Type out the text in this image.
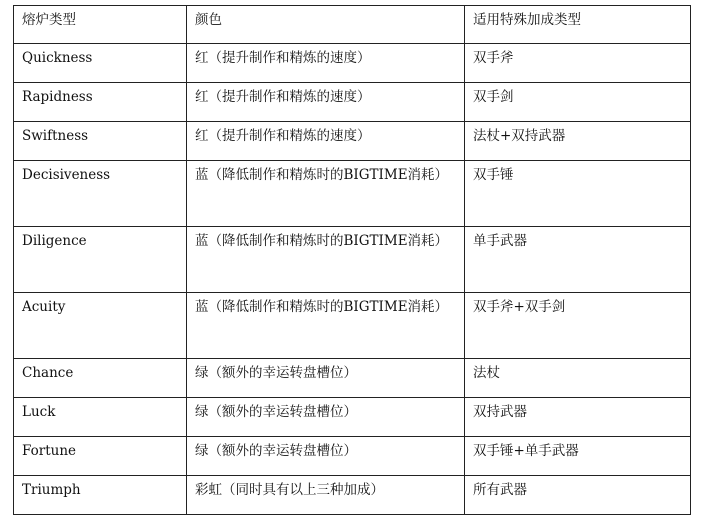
熔炉类型	颜色	适用特殊加成类型

Quickness	红（提升制作和精炼的速度）	双手斧

Rapidness	红（提升制作和精炼的速度）	双手剑

Swiftness	红（提升制作和精炼的速度）	法杖+双持武器

Decisiveness	蓝（降低制作和精炼时的BIGTIME消耗）	双手锤

Diligence	蓝（降低制作和精炼时的BIGTIME消耗）	单手武器

Acuity	蓝（降低制作和精炼时的BIGTIME消耗）	双手斧+双手剑

Chance	绿（额外的幸运转盘槽位）	法杖

Luck	绿（额外的幸运转盘槽位）	双持武器

Fortune	绿（额外的幸运转盘槽位）	双手锤+单手武器

Triumph	彩虹（同时具有以上三种加成）	所有武器
